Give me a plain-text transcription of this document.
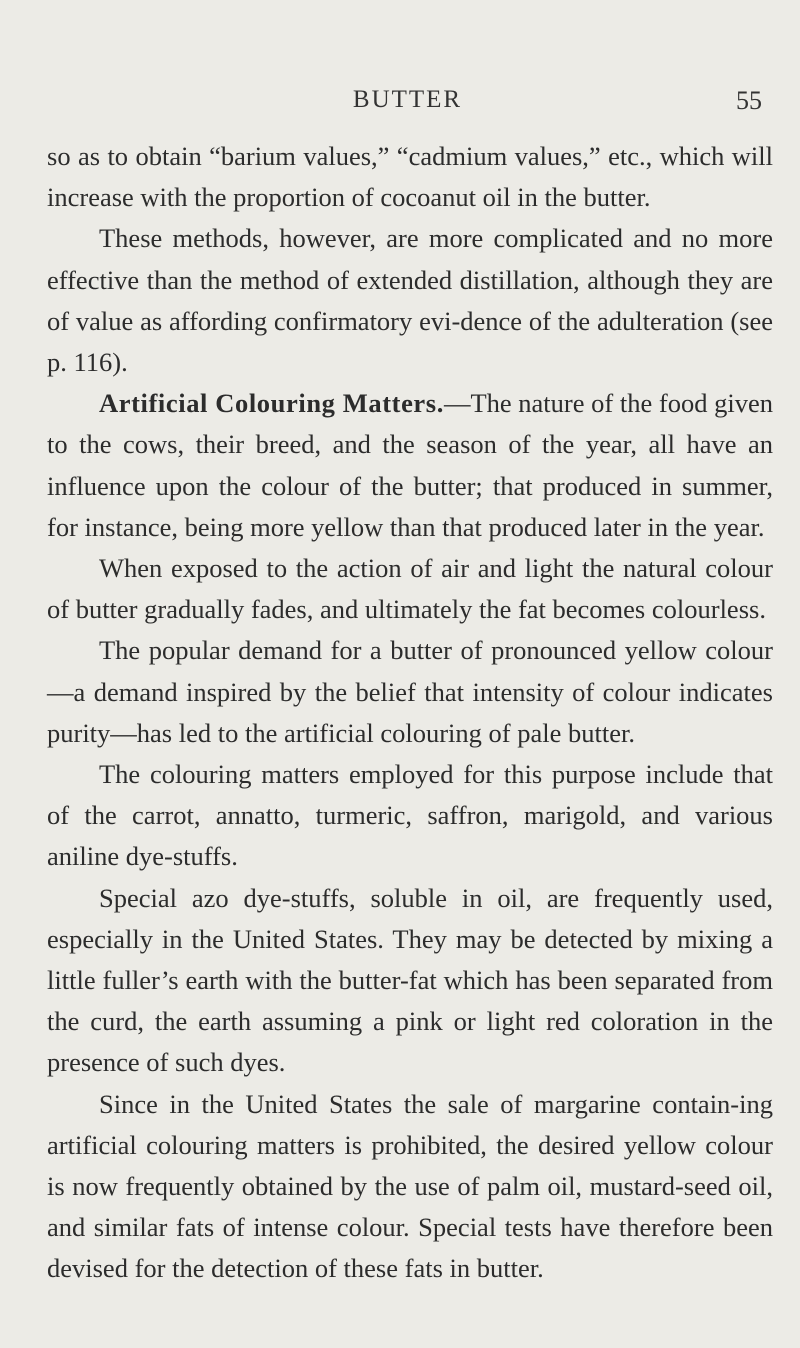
BUTTER	55

so as to obtain “barium values,” “cadmium values,” etc., which will increase with the proportion of cocoanut oil in the butter.

These methods, however, are more complicated and no more effective than the method of extended distillation, although they are of value as affording confirmatory evi-dence of the adulteration (see p. 116).

Artificial Colouring Matters.—The nature of the food given to the cows, their breed, and the season of the year, all have an influence upon the colour of the butter; that produced in summer, for instance, being more yellow than that produced later in the year.

When exposed to the action of air and light the natural colour of butter gradually fades, and ultimately the fat becomes colourless.

The popular demand for a butter of pronounced yellow colour—a demand inspired by the belief that intensity of colour indicates purity—has led to the artificial colouring of pale butter.

The colouring matters employed for this purpose include that of the carrot, annatto, turmeric, saffron, marigold, and various aniline dye-stuffs.

Special azo dye-stuffs, soluble in oil, are frequently used, especially in the United States. They may be detected by mixing a little fuller’s earth with the butter-fat which has been separated from the curd, the earth assuming a pink or light red coloration in the presence of such dyes.

Since in the United States the sale of margarine contain-ing artificial colouring matters is prohibited, the desired yellow colour is now frequently obtained by the use of palm oil, mustard-seed oil, and similar fats of intense colour. Special tests have therefore been devised for the detection of these fats in butter.
